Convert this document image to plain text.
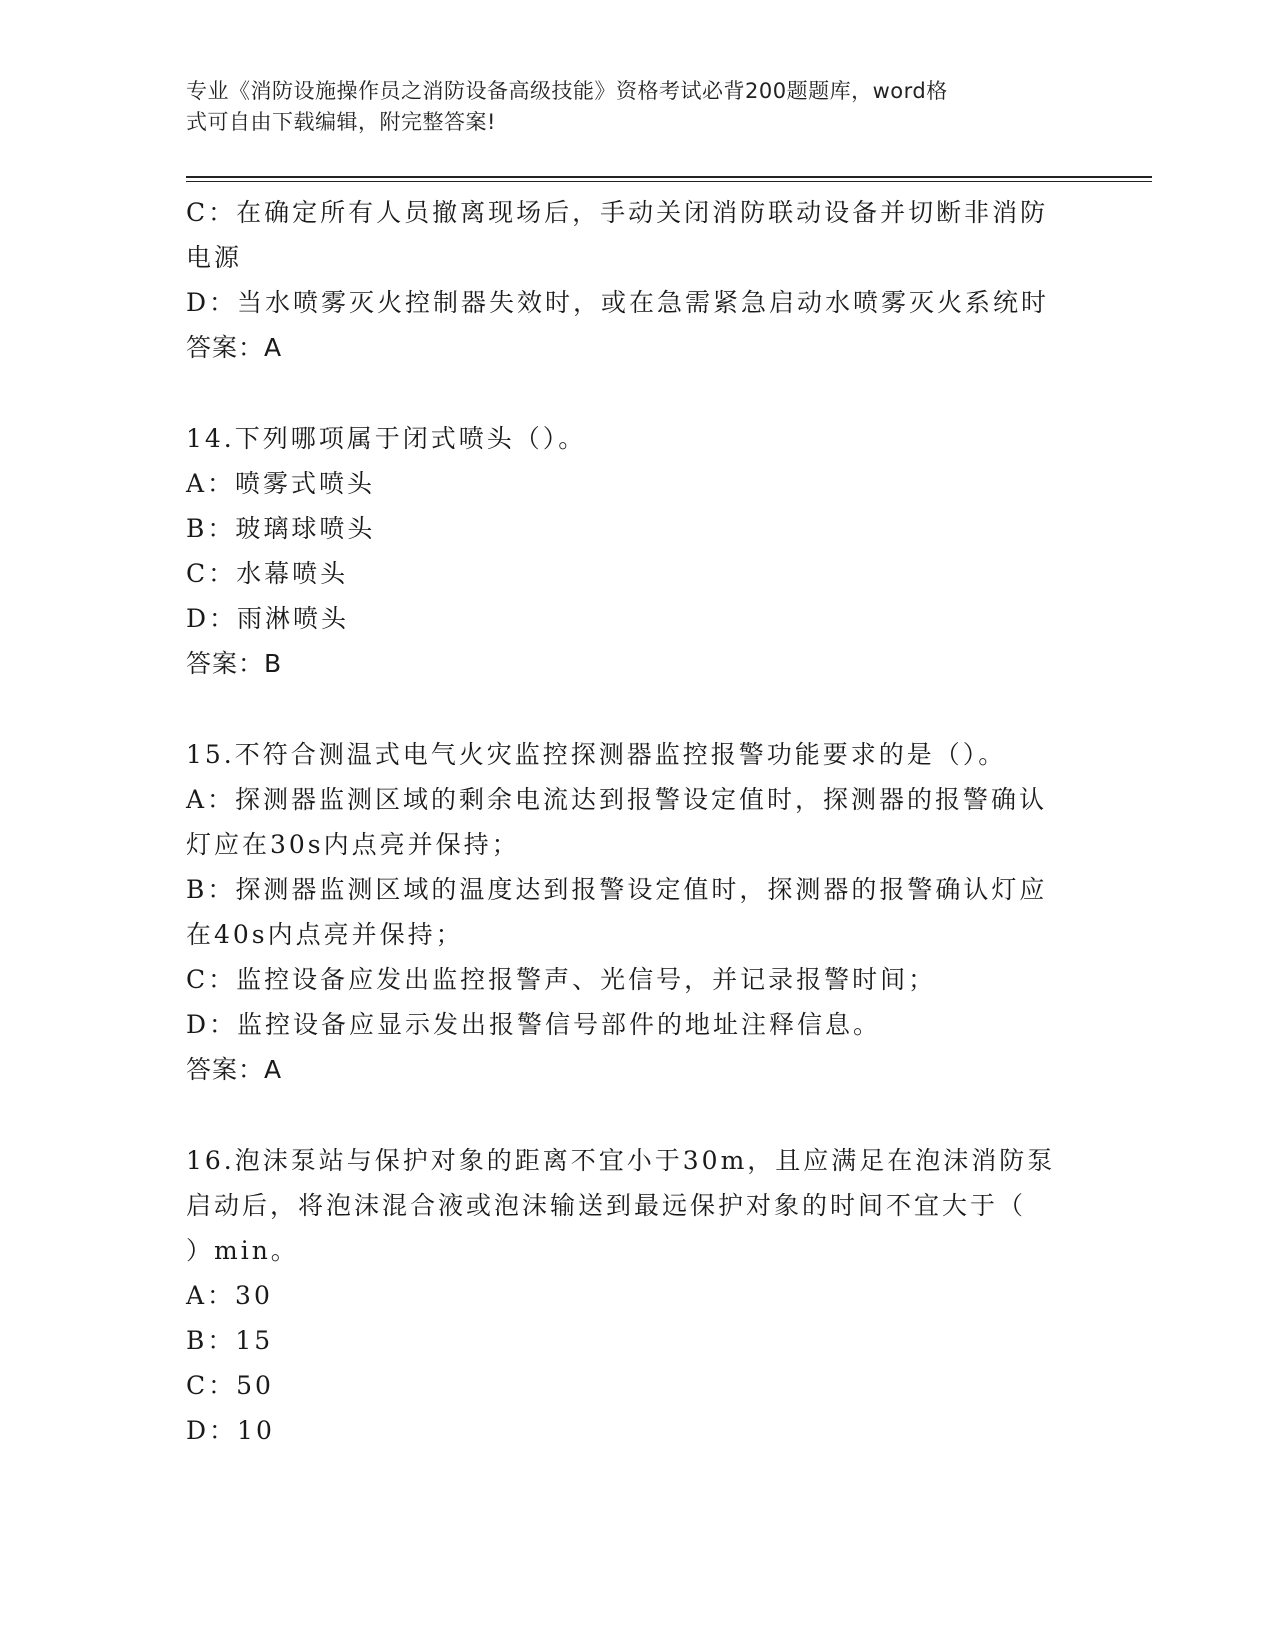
专业《消防设施操作员之消防设备高级技能》资格考试必背200题题库，word格
式可自由下载编辑，附完整答案!
C：在确定所有人员撤离现场后，手动关闭消防联动设备并切断非消防
电源
D：当水喷雾灭火控制器失效时，或在急需紧急启动水喷雾灭火系统时
答案：A
14.下列哪项属于闭式喷头（）。
A：喷雾式喷头
B：玻璃球喷头
C：水幕喷头
D：雨淋喷头
答案：B
15.不符合测温式电气火灾监控探测器监控报警功能要求的是（）。
A：探测器监测区域的剩余电流达到报警设定值时，探测器的报警确认
灯应在30s内点亮并保持；
B：探测器监测区域的温度达到报警设定值时，探测器的报警确认灯应
在40s内点亮并保持；
C：监控设备应发出监控报警声、光信号，并记录报警时间；
D：监控设备应显示发出报警信号部件的地址注释信息。
答案：A
16.泡沫泵站与保护对象的距离不宜小于30m，且应满足在泡沫消防泵
启动后，将泡沫混合液或泡沫输送到最远保护对象的时间不宜大于（
）min。
A：30
B：15
C：50
D：10
